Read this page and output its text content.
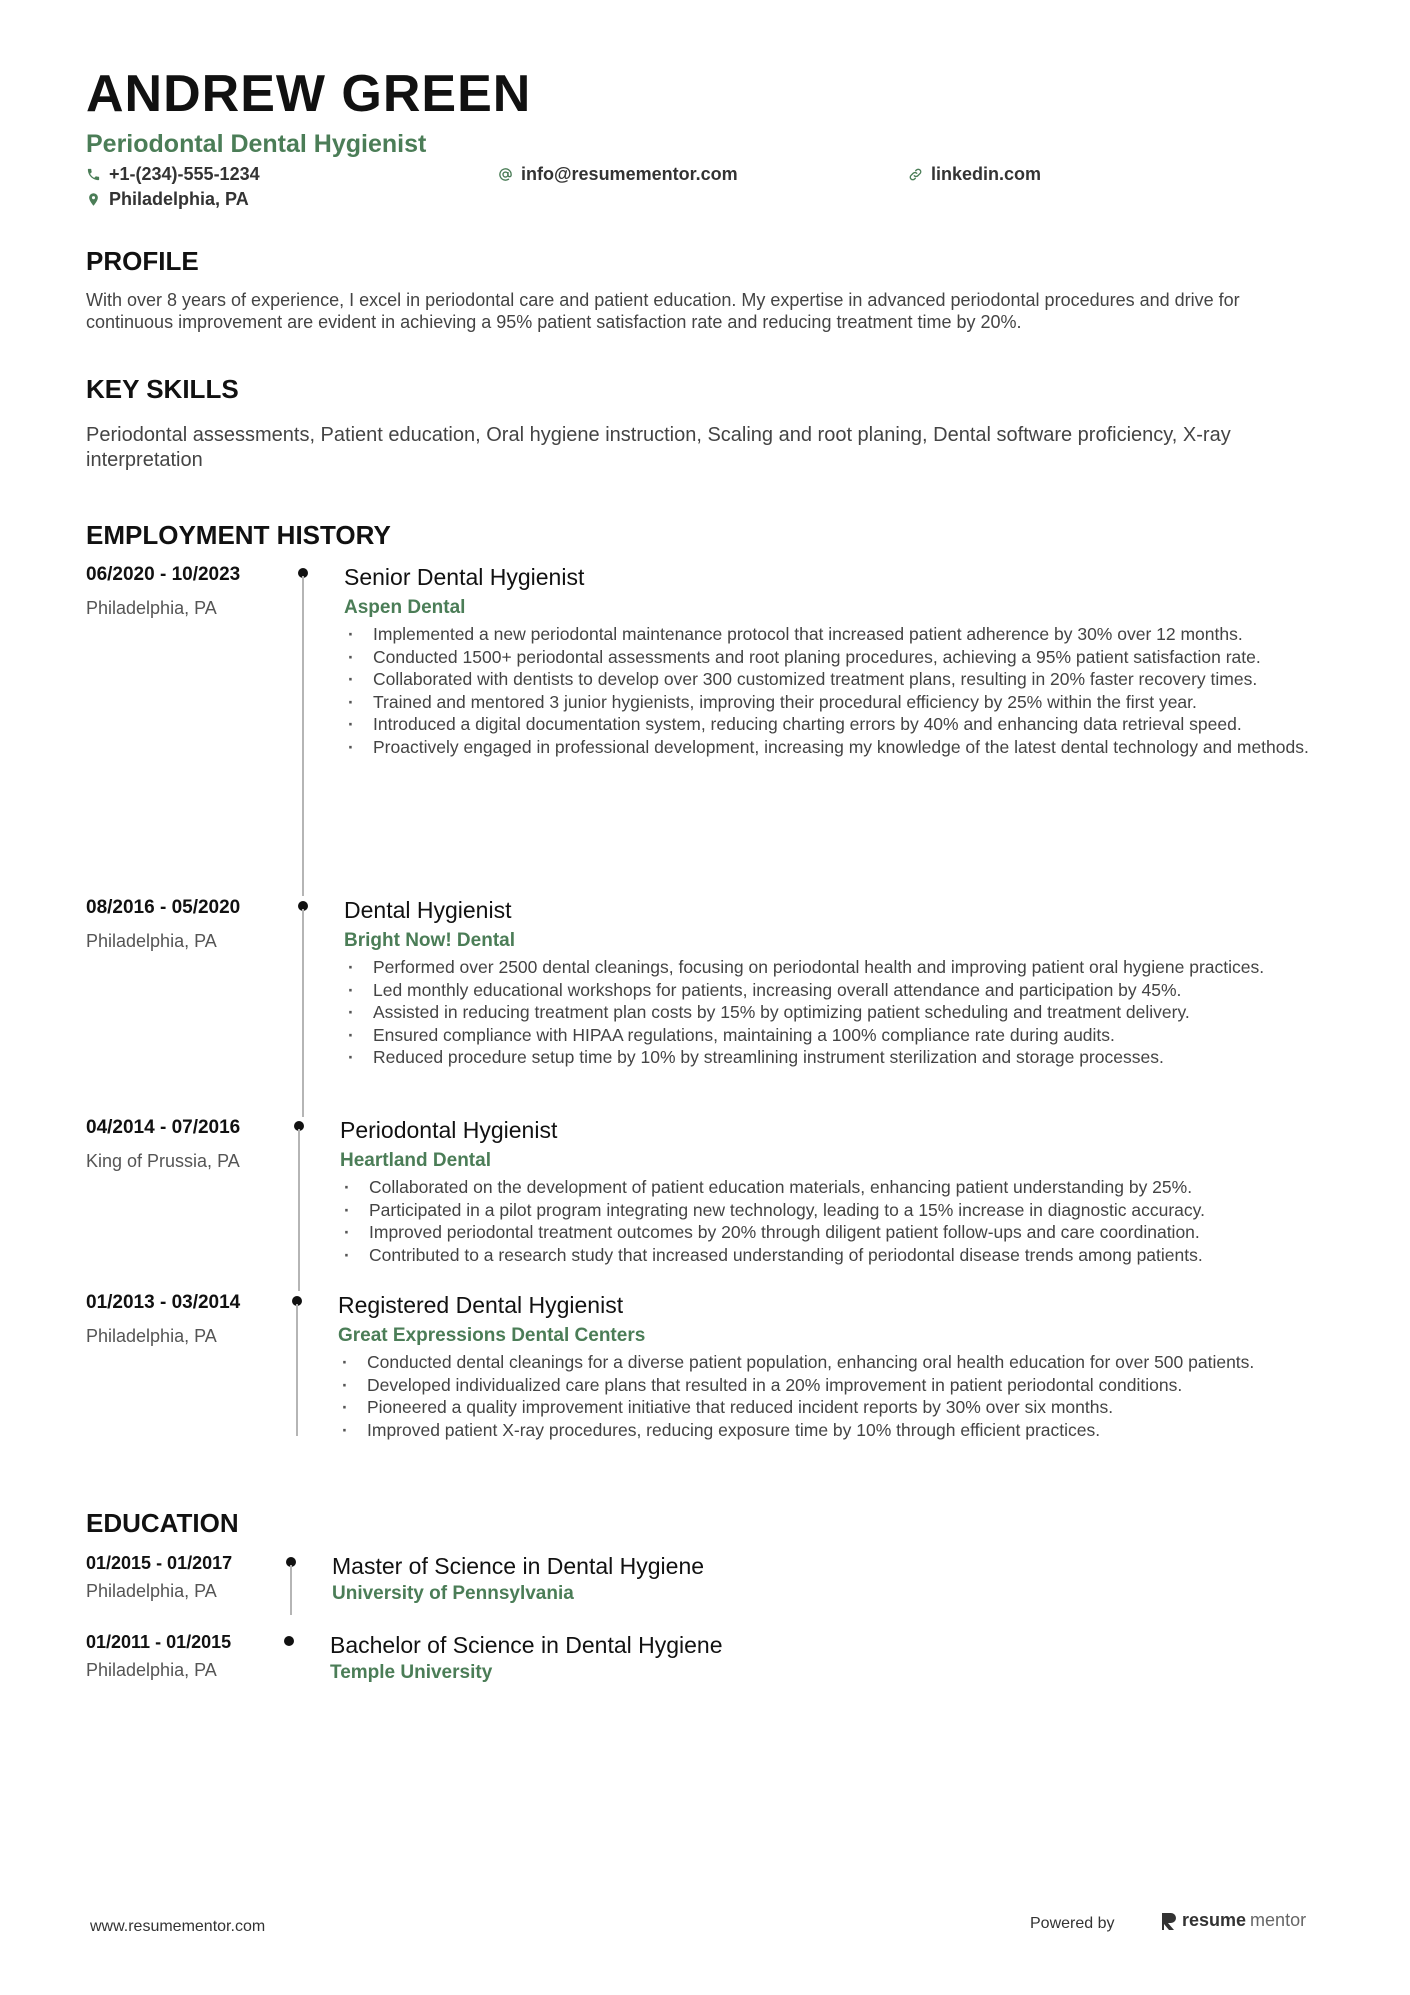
ANDREW GREEN
Periodontal Dental Hygienist
+1-(234)-555-1234	info@resumementor.com	linkedin.com
Philadelphia, PA
PROFILE

With over 8 years of experience, I excel in periodontal care and patient education. My expertise in advanced periodontal procedures and drive for continuous improvement are evident in achieving a 95% patient satisfaction rate and reducing treatment time by 20%.

KEY SKILLS

Periodontal assessments, Patient education, Oral hygiene instruction, Scaling and root planing, Dental software proficiency, X-ray interpretation

EMPLOYMENT HISTORY
06/2020 - 10/2023
Philadelphia, PA
Senior Dental Hygienist
Aspen Dental
· Implemented a new periodontal maintenance protocol that increased patient adherence by 30% over 12 months.
· Conducted 1500+ periodontal assessments and root planing procedures, achieving a 95% patient satisfaction rate.
· Collaborated with dentists to develop over 300 customized treatment plans, resulting in 20% faster recovery times.
· Trained and mentored 3 junior hygienists, improving their procedural efficiency by 25% within the first year.
· Introduced a digital documentation system, reducing charting errors by 40% and enhancing data retrieval speed.
· Proactively engaged in professional development, increasing my knowledge of the latest dental technology and methods.
08/2016 - 05/2020
Philadelphia, PA
Dental Hygienist
Bright Now! Dental
· Performed over 2500 dental cleanings, focusing on periodontal health and improving patient oral hygiene practices.
· Led monthly educational workshops for patients, increasing overall attendance and participation by 45%.
· Assisted in reducing treatment plan costs by 15% by optimizing patient scheduling and treatment delivery.
· Ensured compliance with HIPAA regulations, maintaining a 100% compliance rate during audits.
· Reduced procedure setup time by 10% by streamlining instrument sterilization and storage processes.
04/2014 - 07/2016
King of Prussia, PA
Periodontal Hygienist
Heartland Dental
· Collaborated on the development of patient education materials, enhancing patient understanding by 25%.
· Participated in a pilot program integrating new technology, leading to a 15% increase in diagnostic accuracy.
· Improved periodontal treatment outcomes by 20% through diligent patient follow-ups and care coordination.
· Contributed to a research study that increased understanding of periodontal disease trends among patients.
01/2013 - 03/2014
Philadelphia, PA
Registered Dental Hygienist
Great Expressions Dental Centers
· Conducted dental cleanings for a diverse patient population, enhancing oral health education for over 500 patients.
· Developed individualized care plans that resulted in a 20% improvement in patient periodontal conditions.
· Pioneered a quality improvement initiative that reduced incident reports by 30% over six months.
· Improved patient X-ray procedures, reducing exposure time by 10% through efficient practices.
EDUCATION
01/2015 - 01/2017
Philadelphia, PA
Master of Science in Dental Hygiene
University of Pennsylvania
01/2011 - 01/2015
Philadelphia, PA
Bachelor of Science in Dental Hygiene
Temple University
www.resumementor.com	Powered by	resume mentor
